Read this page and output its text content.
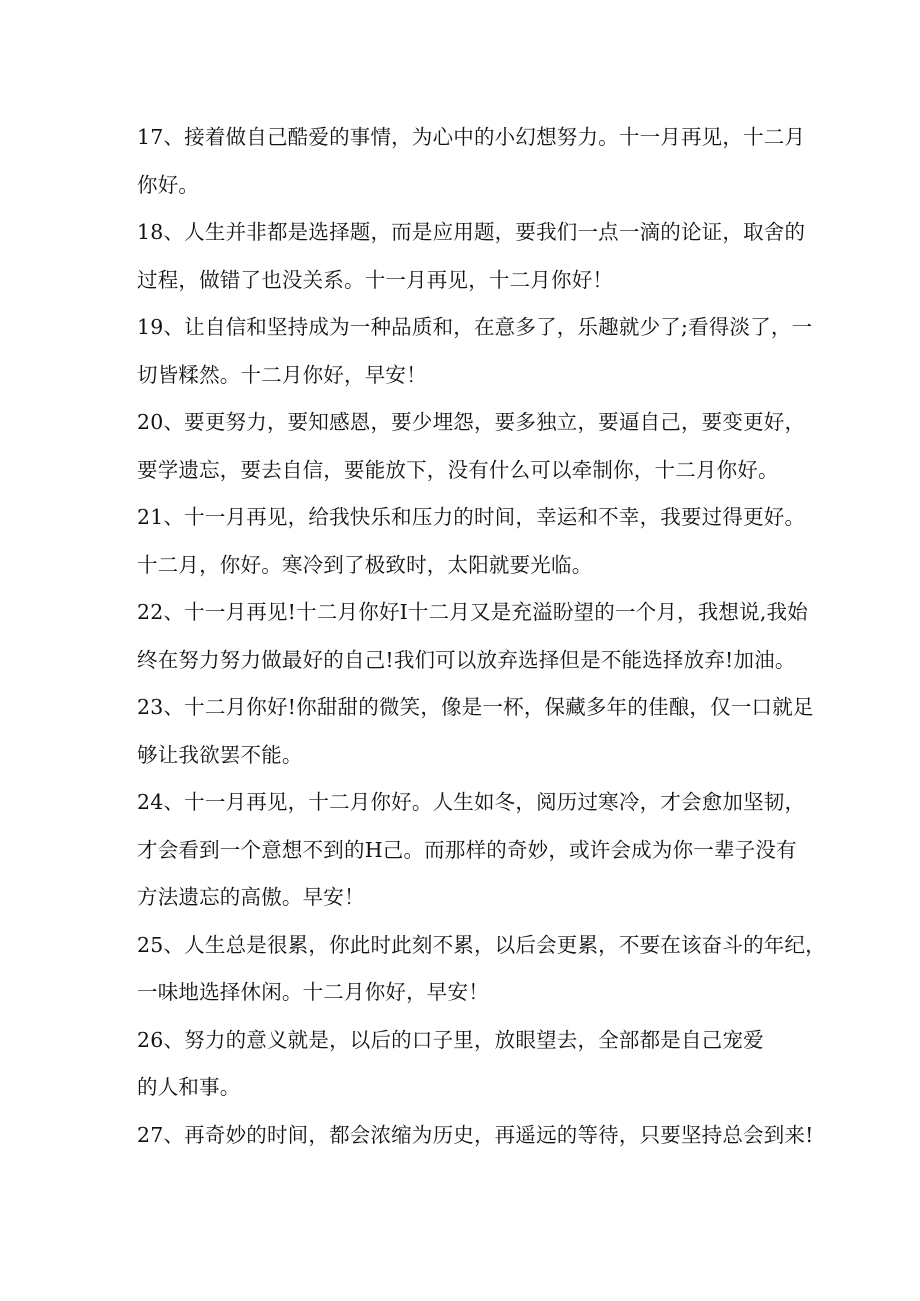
17、接着做自己酷爱的事情，为心中的小幻想努力。十一月再见，十二月
你好。
18、人生并非都是选择题，而是应用题，要我们一点一滴的论证，取舍的
过程，做错了也没关系。十一月再见，十二月你好！
19、让自信和坚持成为一种品质和，在意多了，乐趣就少了;看得淡了，一
切皆糅然。十二月你好，早安！
20、要更努力，要知感恩，要少埋怨，要多独立，要逼自己，要变更好，
要学遗忘，要去自信，要能放下，没有什么可以牵制你，十二月你好。
21、十一月再见，给我快乐和压力的时间，幸运和不幸，我要过得更好。
十二月，你好。寒冷到了极致时，太阳就要光临。
22、十一月再见!十二月你好I十二月又是充溢盼望的一个月，我想说,我始
终在努力努力做最好的自己!我们可以放弃选择但是不能选择放弃!加油。
23、十二月你好!你甜甜的微笑，像是一杯，保藏多年的佳酿，仅一口就足
够让我欲罢不能。
24、十一月再见，十二月你好。人生如冬，阅历过寒冷，才会愈加坚韧，
才会看到一个意想不到的H己。而那样的奇妙，或许会成为你一辈子没有
方法遗忘的高傲。早安！
25、人生总是很累，你此时此刻不累，以后会更累，不要在该奋斗的年纪，
一味地选择休闲。十二月你好，早安！
26、努力的意义就是，以后的口子里，放眼望去，全部都是自己宠爱
的人和事。
27、再奇妙的时间，都会浓缩为历史，再遥远的等待，只要坚持总会到来!
